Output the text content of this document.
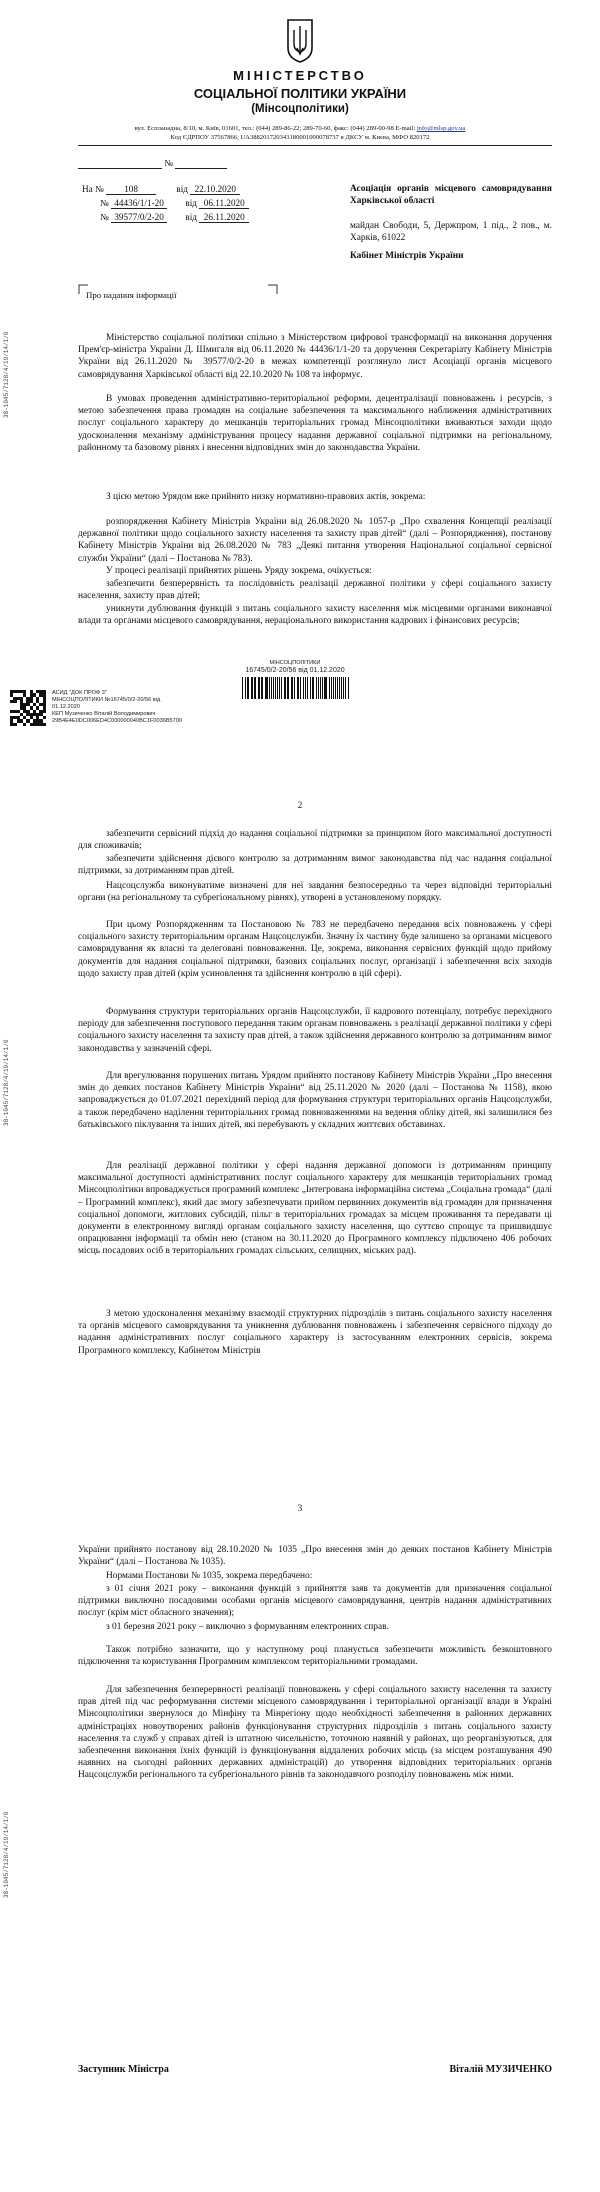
МІНІСТЕРСТВО
СОЦІАЛЬНОЇ ПОЛІТИКИ УКРАЇНИ
(Мінсоцполітики)
вул. Еспланадна, 8/10, м. Київ, 01601, тел.: (044) 289-86-22; 289-70-60, факс: (044) 289-00-98 E-mail: info@mlsp.gov.ua
Код ЄДРПОУ 37567866, UA388201720343180001000078737 в ДКСУ м. Києва, МФО 820172
№
На № 108	від 22.10.2020
№ 44436/1/1-20 від 06.11.2020
№ 39577/0/2-20 від 26.11.2020
Асоціація органів місцевого самоврядування Харківської області
майдан Свободи, 5, Держпром, 1 під., 2 пов., м. Харків, 61022
Кабінет Міністрів України
Про надання інформації
38-1045/7128/4/19/14/1/0
38-1045/7128/4/19/14/1/0
38-1045/7128/4/19/14/1/0
Міністерство соціальної політики спільно з Міністерством цифрової трансформації на виконання доручення Прем'єр-міністра України Д. Шмигаля від 06.11.2020 № 44436/1/1-20 та доручення Секретаріату Кабінету Міністрів України від 26.11.2020 № 39577/0/2-20 в межах компетенції розглянуло лист Асоціації органів місцевого самоврядування Харківської області від 22.10.2020 № 108 та інформує.
В умовах проведення адміністративно-територіальної реформи, децентралізації повноважень і ресурсів, з метою забезпечення права громадян на соціальне забезпечення та максимального наближення адміністративних послуг соціального характеру до мешканців територіальних громад Мінсоцполітики вживаються заходи щодо удосконалення механізму адміністрування процесу надання державної соціальної підтримки на регіональному, районному та базовому рівнях і внесення відповідних змін до законодавства України.
З цією метою Урядом вже прийнято низку нормативно-правових актів, зокрема:
розпорядження Кабінету Міністрів України від 26.08.2020 № 1057-р „Про схвалення Концепції реалізації державної політики щодо соціального захисту населення та захисту прав дітей“ (далі – Розпорядження), постанову Кабінету Міністрів України від 26.08.2020 № 783 „Деякі питання утворення Національної соціальної сервісної служби України“ (далі – Постанова № 783).
У процесі реалізації прийнятих рішень Уряду зокрема, очікується:
забезпечити безперервність та послідовність реалізації державної політики у сфері соціального захисту населення, захисту прав дітей;
уникнути дублювання функцій з питань соціального захисту населення між місцевими органами виконавчої влади та органами місцевого самоврядування, нераціонального використання кадрових і фінансових ресурсів;
АСИД "ДОК ПРОФ 3"
МІНСОЦПОЛІТИКИ №16745/0/2-20/56 від 01.12.2020
КЕП Музиченко Віталій Володимирович
29B4E4E0DC006ED4C000000040BC1F0036B5700
МІНСОЦПОЛІТИКИ
16745/0/2-20/56 від 01.12.2020
2
забезпечити сервісний підхід до надання соціальної підтримки за принципом його максимальної доступності для споживачів;
забезпечити здійснення дієвого контролю за дотриманням вимог законодавства під час надання соціальної підтримки, за дотриманням прав дітей.
Нацсоцслужба виконуватиме визначені для неї завдання безпосередньо та через відповідні територіальні органи (на регіональному та субрегіональному рівнях), утворені в установленому порядку.
При цьому Розпорядженням та Постановою № 783 не передбачено передання всіх повноважень у сфері соціального захисту територіальним органам Нацсоцслужби. Значну їх частину буде залишено за органами місцевого самоврядування як власні та делеговані повноваження. Це, зокрема, виконання сервісних функцій щодо прийому документів для надання соціальної підтримки, базових соціальних послуг, організації і забезпечення всіх заходів щодо захисту прав дітей (крім усиновлення та здійснення контролю в цій сфері).
Формування структури територіальних органів Нацсоцслужби, її кадрового потенціалу, потребує перехідного періоду для забезпечення поступового передання таким органам повноважень з реалізації державної політики у сфері соціального захисту населення та захисту прав дітей, а також здійснення державного контролю за дотриманням вимог законодавства у зазначеній сфері.
Для врегулювання порушених питань Урядом прийнято постанову Кабінету Міністрів України „Про внесення змін до деяких постанов Кабінету Міністрів України“ від 25.11.2020 № 2020 (далі – Постанова № 1158), якою запроваджується до 01.07.2021 перехідний період для формування структури територіальних органів Нацсоцслужби, а також передбачено наділення територіальних громад повноваженнями на ведення обліку дітей, які залишилися без батьківського піклування та інших дітей, які перебувають у складних життєвих обставинах.
Для реалізації державної політики у сфері надання державної допомоги із дотриманням принципу максимальної доступності адміністративних послуг соціального характеру для мешканців територіальних громад Мінсоцполітики впроваджується програмний комплекс „Інтегрована інформаційна система „Соціальна громада“ (далі – Програмний комплекс), який дає змогу забезпечувати прийом первинних документів від громадян для призначення соціальної допомоги, житлових субсидій, пільг в територіальних громадах за місцем проживання та передавати ці документи в електронному вигляді органам соціального захисту населення, що суттєво спрощує та пришвидшує опрацювання інформації та обмін нею (станом на 30.11.2020 до Програмного комплексу підключено 406 робочих місць посадових осіб в територіальних громадах сільських, селищних, міських рад).
З метою удосконалення механізму взаємодії структурних підрозділів з питань соціального захисту населення та органів місцевого самоврядування та уникнення дублювання повноважень і забезпечення сервісного підходу до надання адміністративних послуг соціального характеру із застосуванням електронних сервісів, зокрема Програмного комплексу, Кабінетом Міністрів
3
України прийнято постанову від 28.10.2020 № 1035 „Про внесення змін до деяких постанов Кабінету Міністрів України“ (далі – Постанова № 1035).
Нормами Постанови № 1035, зокрема передбачено:
з 01 січня 2021 року – виконання функцій з прийняття заяв та документів для призначення соціальної підтримки виключно посадовими особами органів місцевого самоврядування, центрів надання адміністративних послуг (крім міст обласного значення);
з 01 березня 2021 року – виключно з формуванням електронних справ.
Також потрібно зазначити, що у наступному році планується забезпечити можливість безкоштовного підключення та користування Програмним комплексом територіальними громадами.
Для забезпечення безперервності реалізації повноважень у сфері соціального захисту населення та захисту прав дітей під час реформування системи місцевого самоврядування і територіальної організації влади в Україні Мінсоцполітики звернулося до Мінфіну та Мінрегіону щодо необхідності забезпечення в районних державних адміністраціях новоутворених районів функціонування структурних підрозділів з питань соціального захисту населення та служб у справах дітей із штатною чисельністю, тоточною наявній у районах, що реорганізуються, для забезпечення виконання їхніх функцій із функціонування віддалених робочих місць (за місцем розташування 490 наявних на сьогодні районних державних адміністрацій) до утворення відповідних територіальних органів Нацсоцслужби регіонального та субрегіонального рівнів та законодавчого розподілу повноважень між ними.
Заступник Міністра	Віталій МУЗИЧЕНКО
